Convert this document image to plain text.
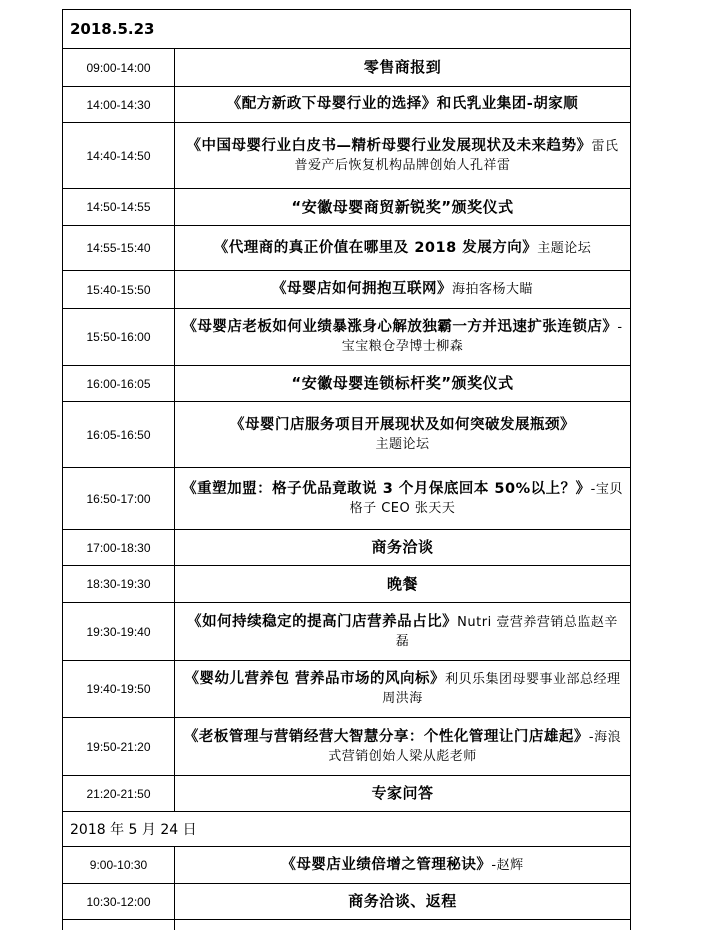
2018.5.23	
09:00-14:00	零售商报到
14:00-14:30	《配方新政下母婴行业的选择》和氏乳业集团-胡家顺
14:40-14:50	《中国母婴行业白皮书—精析母婴行业发展现状及未来趋势》雷氏普爱产后恢复机构品牌创始人孔祥雷
14:50-14:55	“安徽母婴商贸新锐奖”颁奖仪式
14:55-15:40	《代理商的真正价值在哪里及 2018 发展方向》主题论坛
15:40-15:50	《母婴店如何拥抱互联网》海拍客杨大瞄
15:50-16:00	《母婴店老板如何业绩暴涨身心解放独霸一方并迅速扩张连锁店》-宝宝粮仓孕博士柳森
16:00-16:05	“安徽母婴连锁标杆奖”颁奖仪式
16:05-16:50	《母婴门店服务项目开展现状及如何突破发展瓶颈》
主题论坛
16:50-17:00	《重塑加盟：格子优品竟敢说 3 个月保底回本 50%以上？》-宝贝格子 CEO 张天天
17:00-18:30	商务洽谈
18:30-19:30	晚餐
19:30-19:40	《如何持续稳定的提高门店营养品占比》Nutri 壹营养营销总监赵辛磊
19:40-19:50	《婴幼儿营养包 营养品市场的风向标》利贝乐集团母婴事业部总经理 周洪海
19:50-21:20	《老板管理与营销经营大智慧分享：个性化管理让门店雄起》-海浪式营销创始人梁从彪老师
21:20-21:50	专家问答
2018 年 5 月 24 日	
9:00-10:30	《母婴店业绩倍增之管理秘诀》-赵辉
10:30-12:00	商务洽谈、返程
